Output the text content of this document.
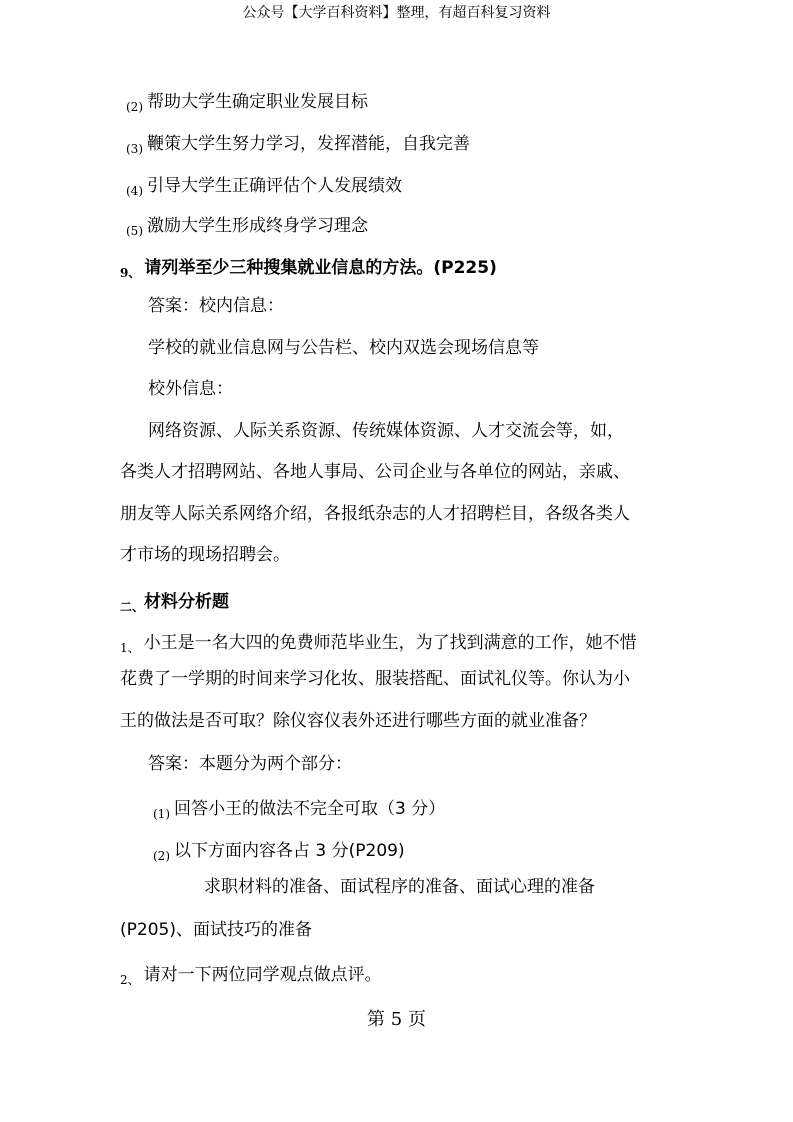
公众号【大学百科资料】整理，有超百科复习资料
(2) 帮助大学生确定职业发展目标
(3) 鞭策大学生努力学习，发挥潜能，自我完善
(4) 引导大学生正确评估个人发展绩效
(5) 激励大学生形成终身学习理念
9、 请列举至少三种搜集就业信息的方法。(P225)
答案：校内信息：
学校的就业信息网与公告栏、校内双选会现场信息等
校外信息：
网络资源、人际关系资源、传统媒体资源、人才交流会等，如，
各类人才招聘网站、各地人事局、公司企业与各单位的网站，亲戚、
朋友等人际关系网络介绍，各报纸杂志的人才招聘栏目，各级各类人
才市场的现场招聘会。
二、材料分析题
1、 小王是一名大四的免费师范毕业生，为了找到满意的工作，她不惜
花费了一学期的时间来学习化妆、服装搭配、面试礼仪等。你认为小
王的做法是否可取？除仪容仪表外还进行哪些方面的就业准备？
答案：本题分为两个部分：
(1) 回答小王的做法不完全可取（3 分）
(2) 以下方面内容各占 3 分(P209)
求职材料的准备、面试程序的准备、面试心理的准备
(P205)、面试技巧的准备
2、 请对一下两位同学观点做点评。
第 5 页
